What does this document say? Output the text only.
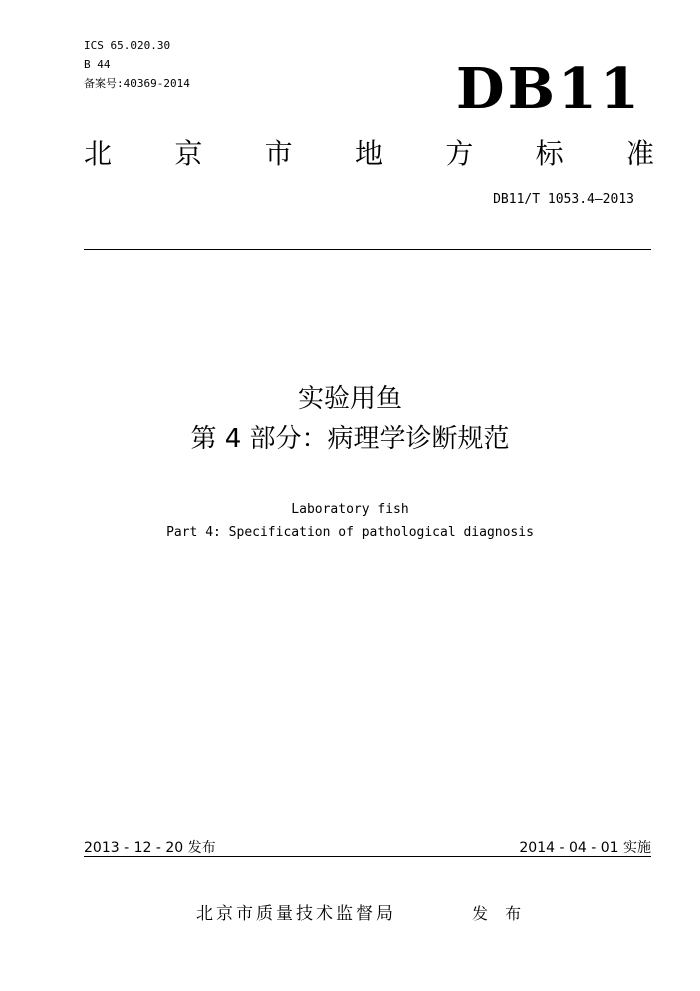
ICS 65.020.30
B 44
备案号:40369-2014	DB11
北 京 市 地 方 标 准
DB11/T 1053.4—2013
实验用鱼
第 4 部分：病理学诊断规范
Laboratory fish
Part 4: Specification of pathological diagnosis
2013 - 12 - 20 发布	2014 - 04 - 01 实施
北京市质量技术监督局	发 布
